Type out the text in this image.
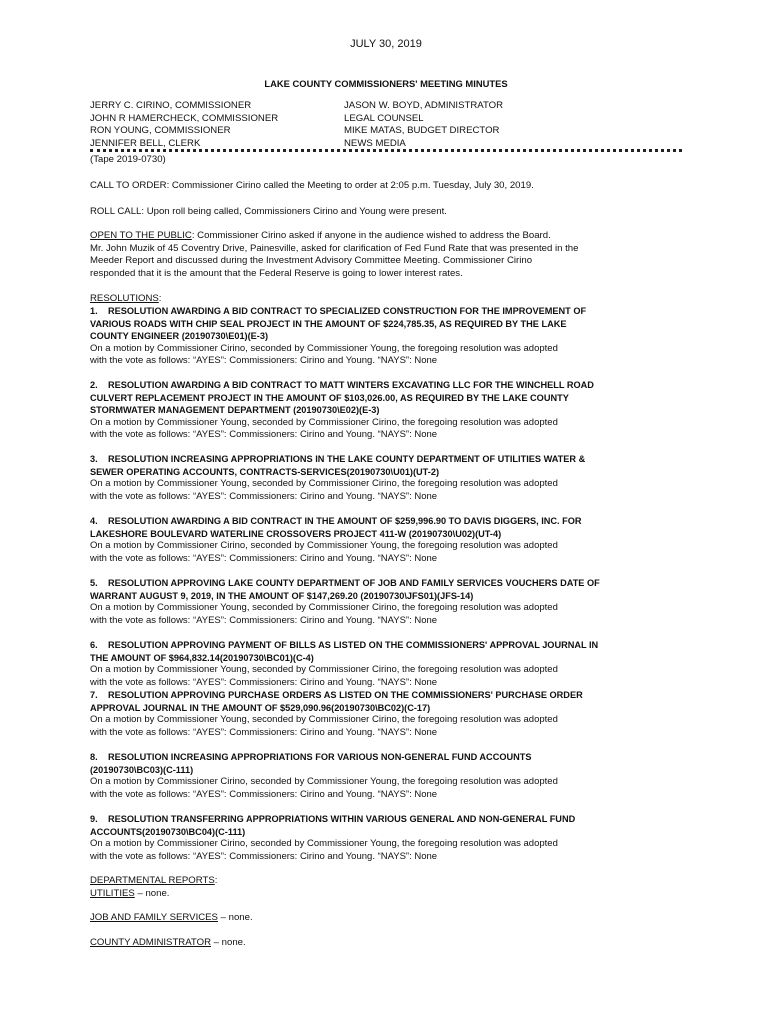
JULY 30, 2019
LAKE COUNTY COMMISSIONERS' MEETING MINUTES
JERRY C. CIRINO, COMMISSIONER
JOHN R HAMERCHECK, COMMISSIONER
RON YOUNG, COMMISSIONER
JENNIFER BELL, CLERK
JASON W. BOYD, ADMINISTRATOR
LEGAL COUNSEL
MIKE MATAS, BUDGET DIRECTOR
NEWS MEDIA
(Tape 2019-0730)
CALL TO ORDER: Commissioner Cirino called the Meeting to order at 2:05 p.m. Tuesday, July 30, 2019.
ROLL CALL: Upon roll being called, Commissioners Cirino and Young were present.
OPEN TO THE PUBLIC: Commissioner Cirino asked if anyone in the audience wished to address the Board.
Mr. John Muzik of 45 Coventry Drive, Painesville, asked for clarification of Fed Fund Rate that was presented in the
Meeder Report and discussed during the Investment Advisory Committee Meeting. Commissioner Cirino
responded that it is the amount that the Federal Reserve is going to lower interest rates.
RESOLUTIONS:
1. RESOLUTION AWARDING A BID CONTRACT TO SPECIALIZED CONSTRUCTION FOR THE IMPROVEMENT OF
VARIOUS ROADS WITH CHIP SEAL PROJECT IN THE AMOUNT OF $224,785.35, AS REQUIRED BY THE LAKE
COUNTY ENGINEER (20190730\E01)(E-3)
On a motion by Commissioner Cirino, seconded by Commissioner Young, the foregoing resolution was adopted
with the vote as follows: “AYES”: Commissioners: Cirino and Young. “NAYS”: None
2. RESOLUTION AWARDING A BID CONTRACT TO MATT WINTERS EXCAVATING LLC FOR THE WINCHELL ROAD
CULVERT REPLACEMENT PROJECT IN THE AMOUNT OF $103,026.00, AS REQUIRED BY THE LAKE COUNTY
STORMWATER MANAGEMENT DEPARTMENT (20190730\E02)(E-3)
On a motion by Commissioner Young, seconded by Commissioner Cirino, the foregoing resolution was adopted
with the vote as follows: “AYES”: Commissioners: Cirino and Young. “NAYS”: None
3. RESOLUTION INCREASING APPROPRIATIONS IN THE LAKE COUNTY DEPARTMENT OF UTILITIES WATER &
SEWER OPERATING ACCOUNTS, CONTRACTS-SERVICES(20190730\U01)(UT-2)
On a motion by Commissioner Young, seconded by Commissioner Cirino, the foregoing resolution was adopted
with the vote as follows: “AYES”: Commissioners: Cirino and Young. “NAYS”: None
4. RESOLUTION AWARDING A BID CONTRACT IN THE AMOUNT OF $259,996.90 TO DAVIS DIGGERS, INC. FOR
LAKESHORE BOULEVARD WATERLINE CROSSOVERS PROJECT 411-W (20190730\U02)(UT-4)
On a motion by Commissioner Cirino, seconded by Commissioner Young, the foregoing resolution was adopted
with the vote as follows: “AYES”: Commissioners: Cirino and Young. “NAYS”: None
5. RESOLUTION APPROVING LAKE COUNTY DEPARTMENT OF JOB AND FAMILY SERVICES VOUCHERS DATE OF
WARRANT AUGUST 9, 2019, IN THE AMOUNT OF $147,269.20 (20190730\JFS01)(JFS-14)
On a motion by Commissioner Young, seconded by Commissioner Cirino, the foregoing resolution was adopted
with the vote as follows: “AYES”: Commissioners: Cirino and Young. “NAYS”: None
6. RESOLUTION APPROVING PAYMENT OF BILLS AS LISTED ON THE COMMISSIONERS' APPROVAL JOURNAL IN
THE AMOUNT OF $964,832.14(20190730\BC01)(C-4)
On a motion by Commissioner Young, seconded by Commissioner Cirino, the foregoing resolution was adopted
with the vote as follows: “AYES”: Commissioners: Cirino and Young. “NAYS”: None
7. RESOLUTION APPROVING PURCHASE ORDERS AS LISTED ON THE COMMISSIONERS' PURCHASE ORDER
APPROVAL JOURNAL IN THE AMOUNT OF $529,090.96(20190730\BC02)(C-17)
On a motion by Commissioner Young, seconded by Commissioner Cirino, the foregoing resolution was adopted
with the vote as follows: “AYES”: Commissioners: Cirino and Young. “NAYS”: None
8. RESOLUTION INCREASING APPROPRIATIONS FOR VARIOUS NON-GENERAL FUND ACCOUNTS
(20190730\BC03)(C-111)
On a motion by Commissioner Cirino, seconded by Commissioner Young, the foregoing resolution was adopted
with the vote as follows: “AYES”: Commissioners: Cirino and Young. “NAYS”: None
9. RESOLUTION TRANSFERRING APPROPRIATIONS WITHIN VARIOUS GENERAL AND NON-GENERAL FUND
ACCOUNTS(20190730\BC04)(C-111)
On a motion by Commissioner Cirino, seconded by Commissioner Young, the foregoing resolution was adopted
with the vote as follows: “AYES”: Commissioners: Cirino and Young. “NAYS”: None
DEPARTMENTAL REPORTS:
UTILITIES – none.
JOB AND FAMILY SERVICES – none.
COUNTY ADMINISTRATOR – none.
